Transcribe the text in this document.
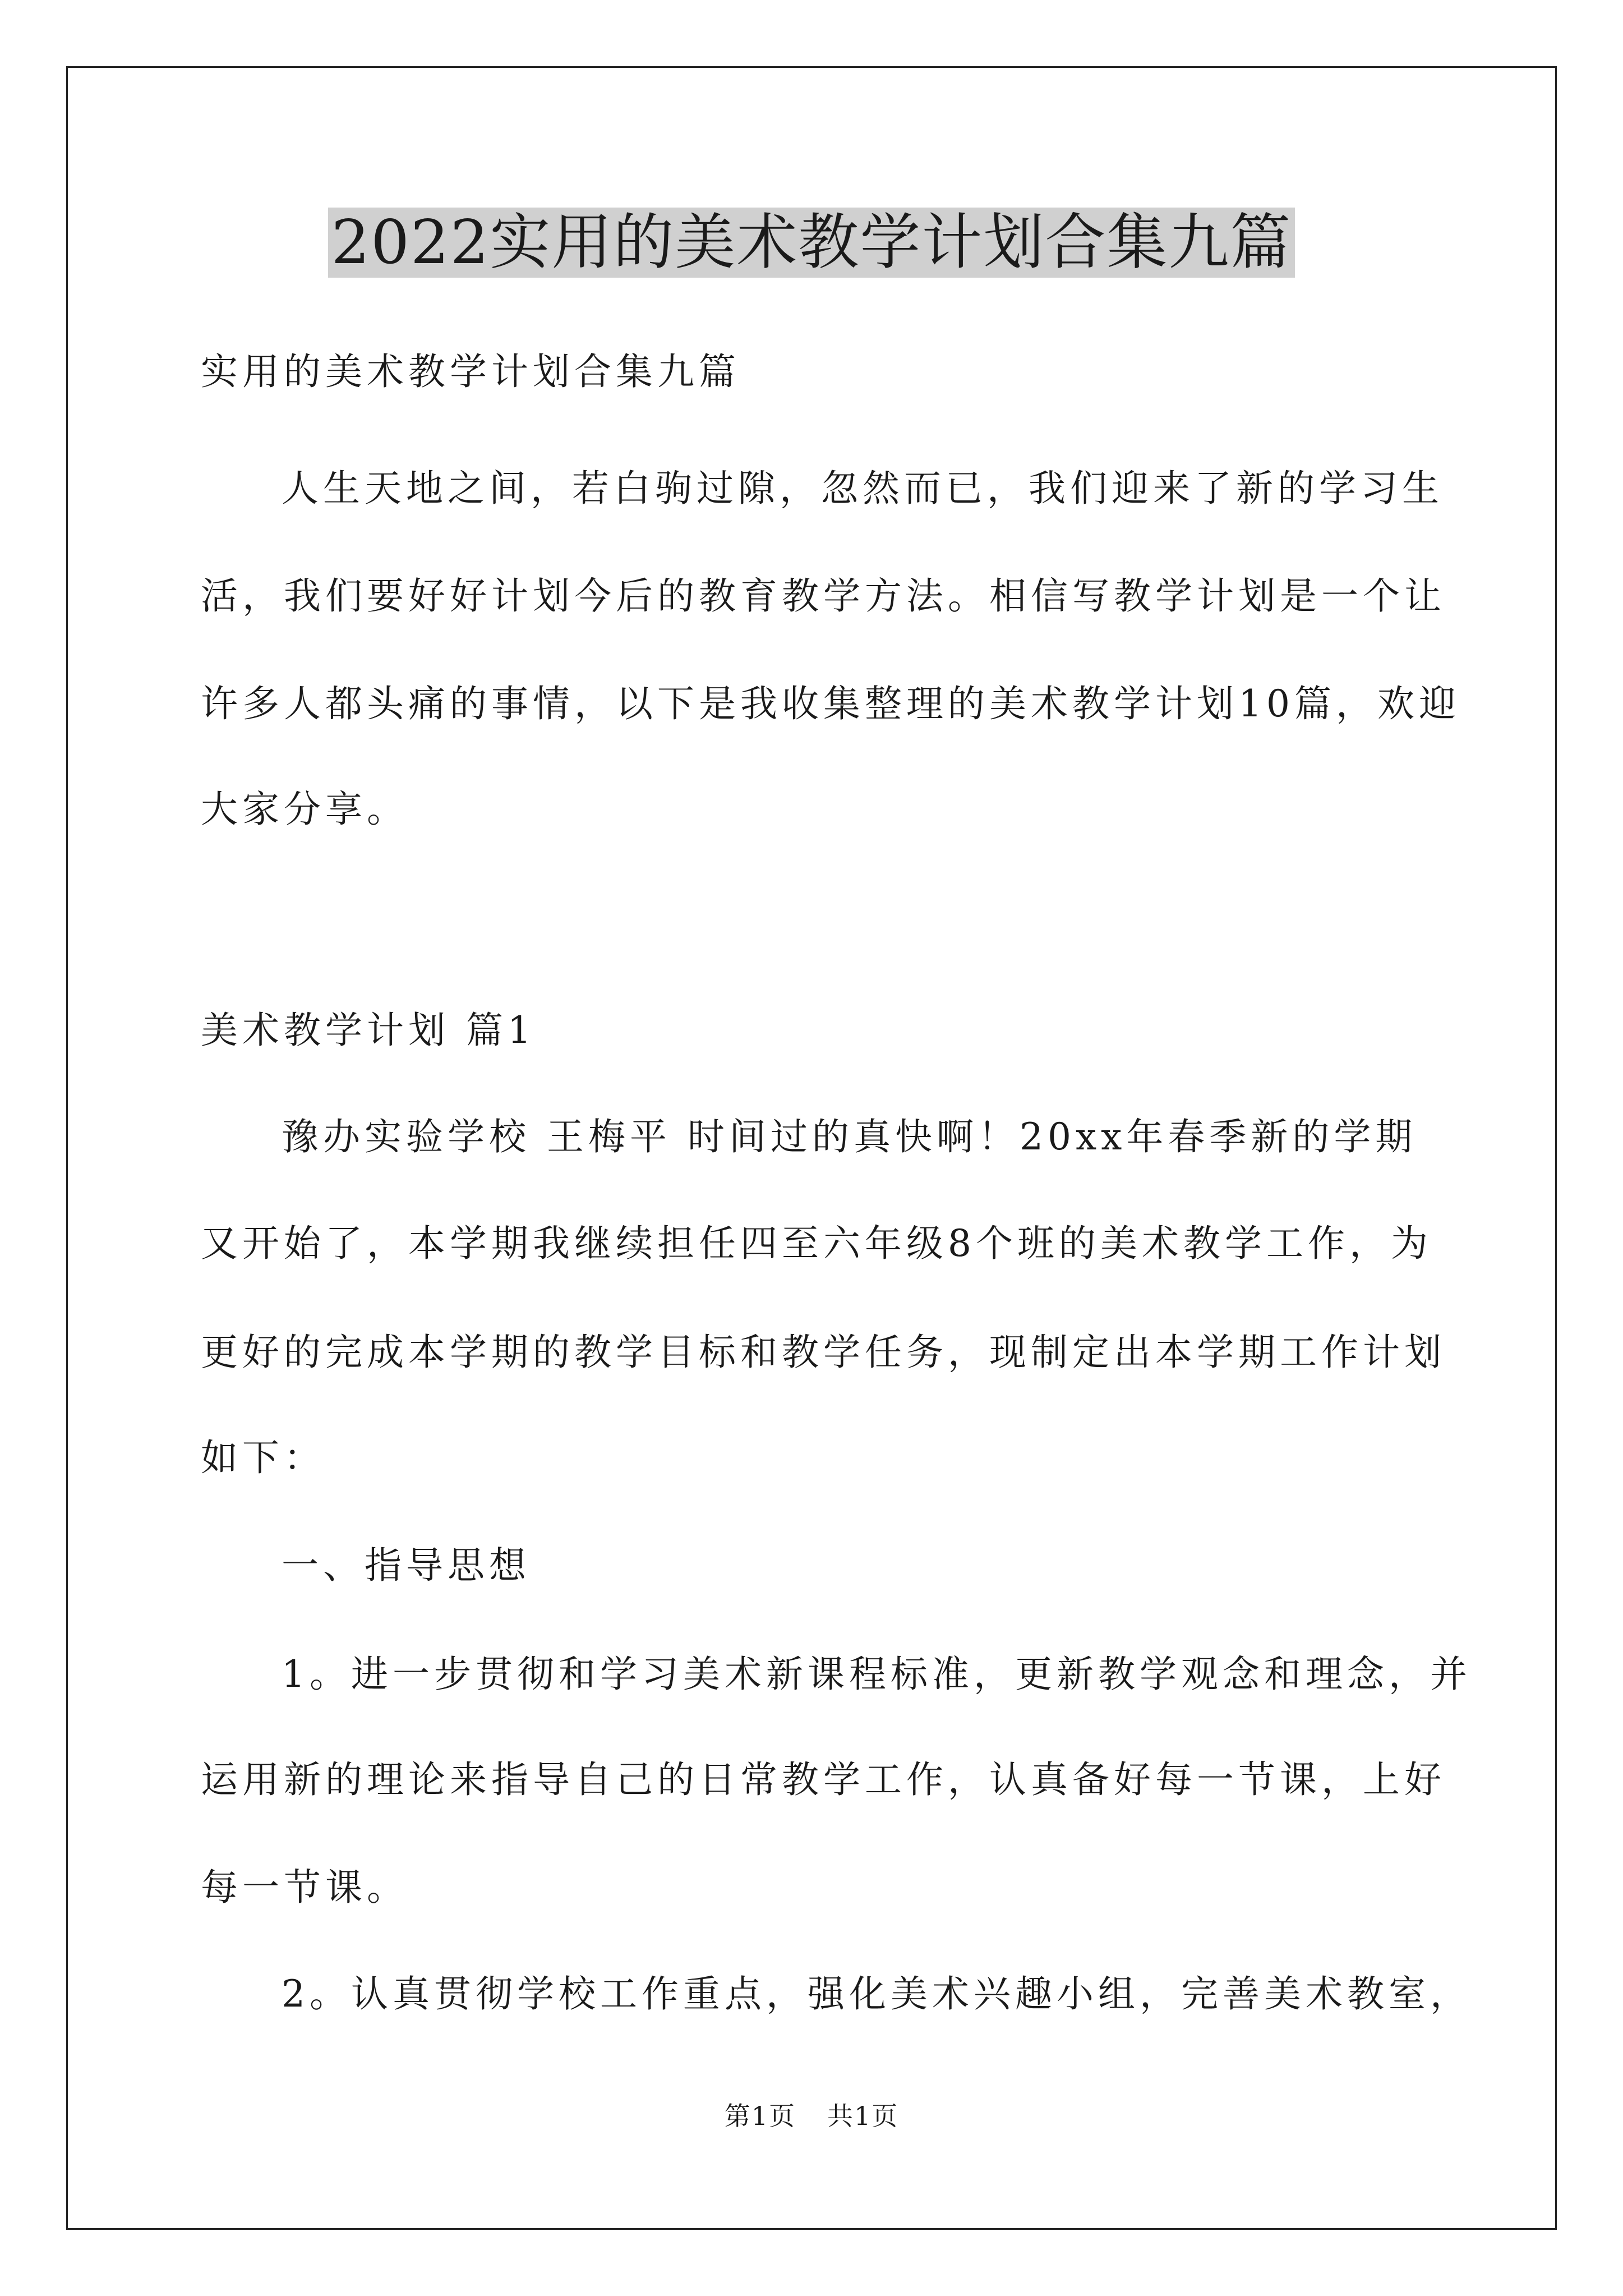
2022实用的美术教学计划合集九篇
实用的美术教学计划合集九篇
人生天地之间，若白驹过隙，忽然而已，我们迎来了新的学习生
活，我们要好好计划今后的教育教学方法。相信写教学计划是一个让
许多人都头痛的事情，以下是我收集整理的美术教学计划10篇，欢迎
大家分享。
美术教学计划 篇1
豫办实验学校 王梅平 时间过的真快啊！20xx年春季新的学期
又开始了，本学期我继续担任四至六年级8个班的美术教学工作，为
更好的完成本学期的教学目标和教学任务，现制定出本学期工作计划
如下：
一、指导思想
1。进一步贯彻和学习美术新课程标准，更新教学观念和理念，并
运用新的理论来指导自己的日常教学工作，认真备好每一节课，上好
每一节课。
2。认真贯彻学校工作重点，强化美术兴趣小组，完善美术教室，
第1页 共1页
